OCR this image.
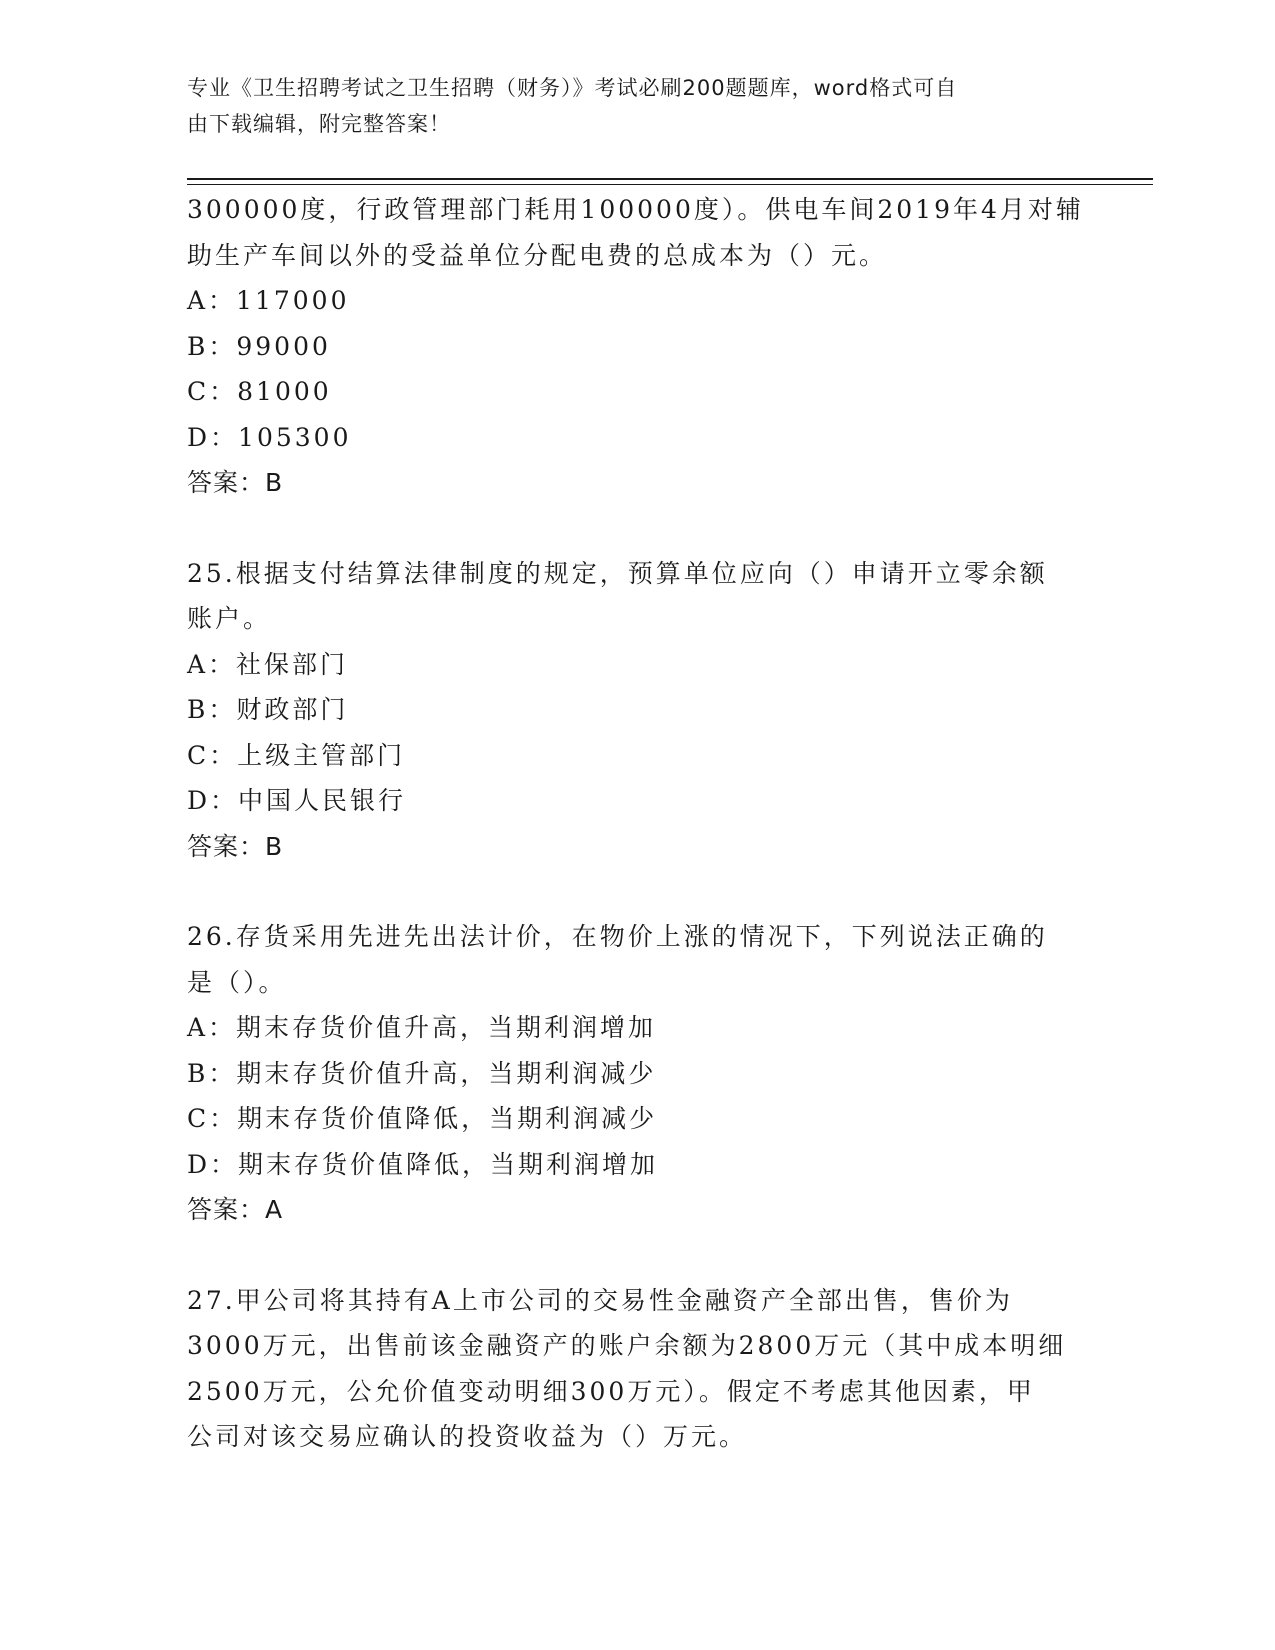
专业《卫生招聘考试之卫生招聘（财务）》考试必刷200题题库，word格式可自
由下载编辑，附完整答案！
300000度，行政管理部门耗用100000度）。供电车间2019年4月对辅
助生产车间以外的受益单位分配电费的总成本为（）元。
A：117000
B：99000
C：81000
D：105300
答案：B
25.根据支付结算法律制度的规定，预算单位应向（）申请开立零余额
账户。
A：社保部门
B：财政部门
C：上级主管部门
D：中国人民银行
答案：B
26.存货采用先进先出法计价，在物价上涨的情况下，下列说法正确的
是（）。
A：期末存货价值升高，当期利润增加
B：期末存货价值升高，当期利润减少
C：期末存货价值降低，当期利润减少
D：期末存货价值降低，当期利润增加
答案：A
27.甲公司将其持有A上市公司的交易性金融资产全部出售，售价为
3000万元，出售前该金融资产的账户余额为2800万元（其中成本明细
2500万元，公允价值变动明细300万元）。假定不考虑其他因素，甲
公司对该交易应确认的投资收益为（）万元。
